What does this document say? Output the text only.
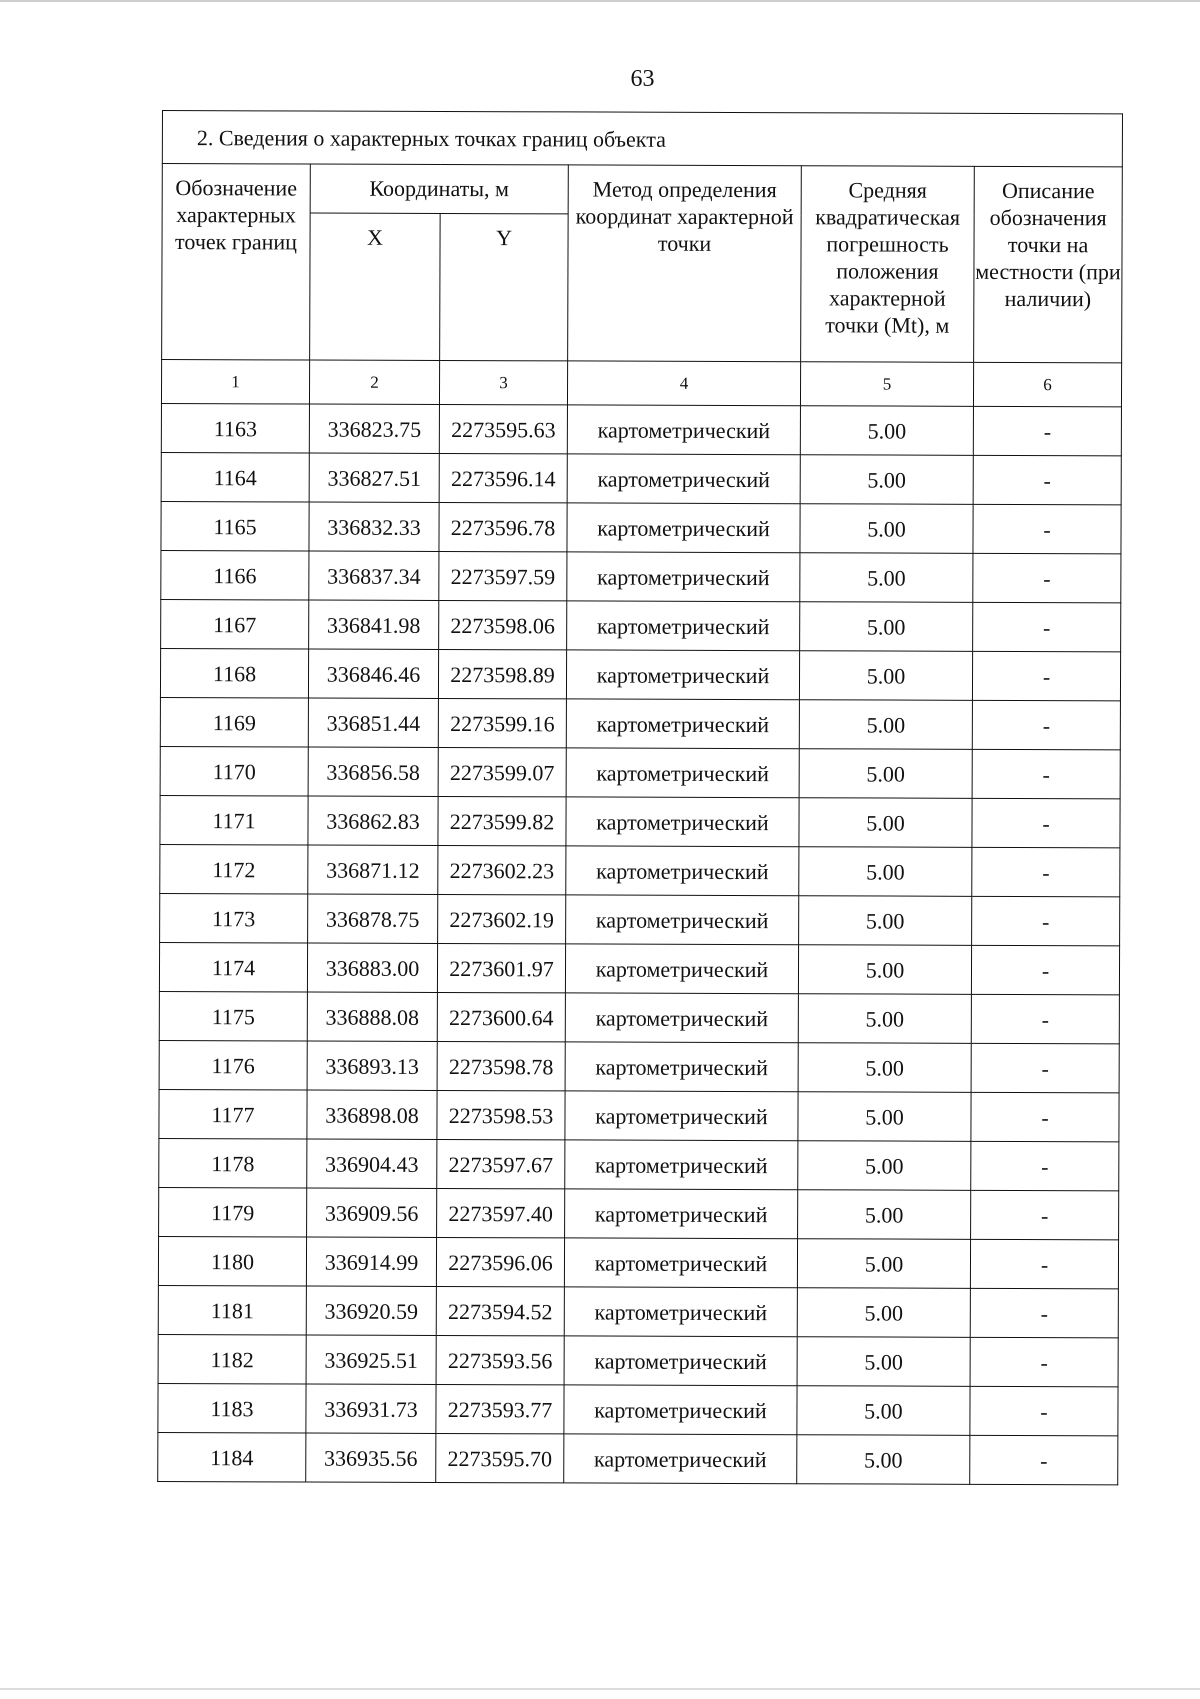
63
2. Сведения о характерных точках границ объекта					
Обозначение характерных точек границ	Координаты, м		Метод определения координат характерной точки	Средняя квадратическая погрешность положения характерной точки (Mt), м	Описание обозначения точки на местности (при наличии)
	X	Y			
1	2	3	4	5	6
1163	336823.75	2273595.63	картометрический	5.00	-
1164	336827.51	2273596.14	картометрический	5.00	-
1165	336832.33	2273596.78	картометрический	5.00	-
1166	336837.34	2273597.59	картометрический	5.00	-
1167	336841.98	2273598.06	картометрический	5.00	-
1168	336846.46	2273598.89	картометрический	5.00	-
1169	336851.44	2273599.16	картометрический	5.00	-
1170	336856.58	2273599.07	картометрический	5.00	-
1171	336862.83	2273599.82	картометрический	5.00	-
1172	336871.12	2273602.23	картометрический	5.00	-
1173	336878.75	2273602.19	картометрический	5.00	-
1174	336883.00	2273601.97	картометрический	5.00	-
1175	336888.08	2273600.64	картометрический	5.00	-
1176	336893.13	2273598.78	картометрический	5.00	-
1177	336898.08	2273598.53	картометрический	5.00	-
1178	336904.43	2273597.67	картометрический	5.00	-
1179	336909.56	2273597.40	картометрический	5.00	-
1180	336914.99	2273596.06	картометрический	5.00	-
1181	336920.59	2273594.52	картометрический	5.00	-
1182	336925.51	2273593.56	картометрический	5.00	-
1183	336931.73	2273593.77	картометрический	5.00	-
1184	336935.56	2273595.70	картометрический	5.00	-
